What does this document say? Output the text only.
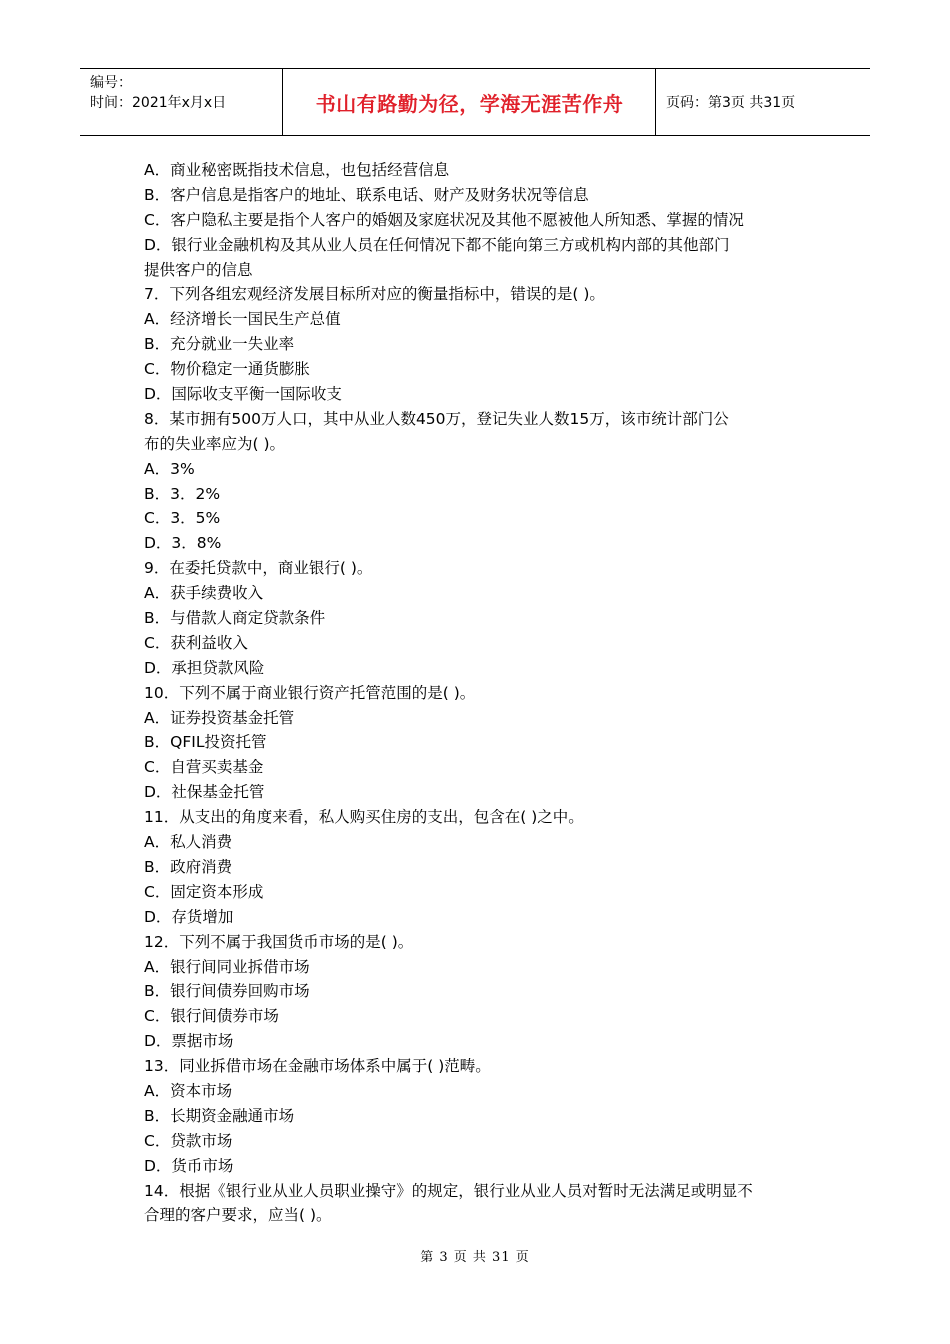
编号：
时间：2021年x月x日	书山有路勤为径，学海无涯苦作舟	页码：第3页 共31页
A．商业秘密既指技术信息，也包括经营信息
B．客户信息是指客户的地址、联系电话、财产及财务状况等信息
C．客户隐私主要是指个人客户的婚姻及家庭状况及其他不愿被他人所知悉、掌握的情况
D．银行业金融机构及其从业人员在任何情况下都不能向第三方或机构内部的其他部门
提供客户的信息
7．下列各组宏观经济发展目标所对应的衡量指标中，错误的是( )。
A．经济增长一国民生产总值
B．充分就业一失业率
C．物价稳定一通货膨胀
D．国际收支平衡一国际收支
8．某市拥有500万人口，其中从业人数450万，登记失业人数15万，该市统计部门公
布的失业率应为( )。
A．3%
B．3．2%
C．3．5%
D．3．8%
9．在委托贷款中，商业银行( )。
A．获手续费收入
B．与借款人商定贷款条件
C．获利益收入
D．承担贷款风险
10．下列不属于商业银行资产托管范围的是( )。
A．证券投资基金托管
B．QFIL投资托管
C．自营买卖基金
D．社保基金托管
11．从支出的角度来看，私人购买住房的支出，包含在( )之中。
A．私人消费
B．政府消费
C．固定资本形成
D．存货增加
12．下列不属于我国货币市场的是( )。
A．银行间同业拆借市场
B．银行间债券回购市场
C．银行间债券市场
D．票据市场
13．同业拆借市场在金融市场体系中属于( )范畴。
A．资本市场
B．长期资金融通市场
C．贷款市场
D．货币市场
14．根据《银行业从业人员职业操守》的规定，银行业从业人员对暂时无法满足或明显不
合理的客户要求，应当( )。
第 3 页 共 31 页
